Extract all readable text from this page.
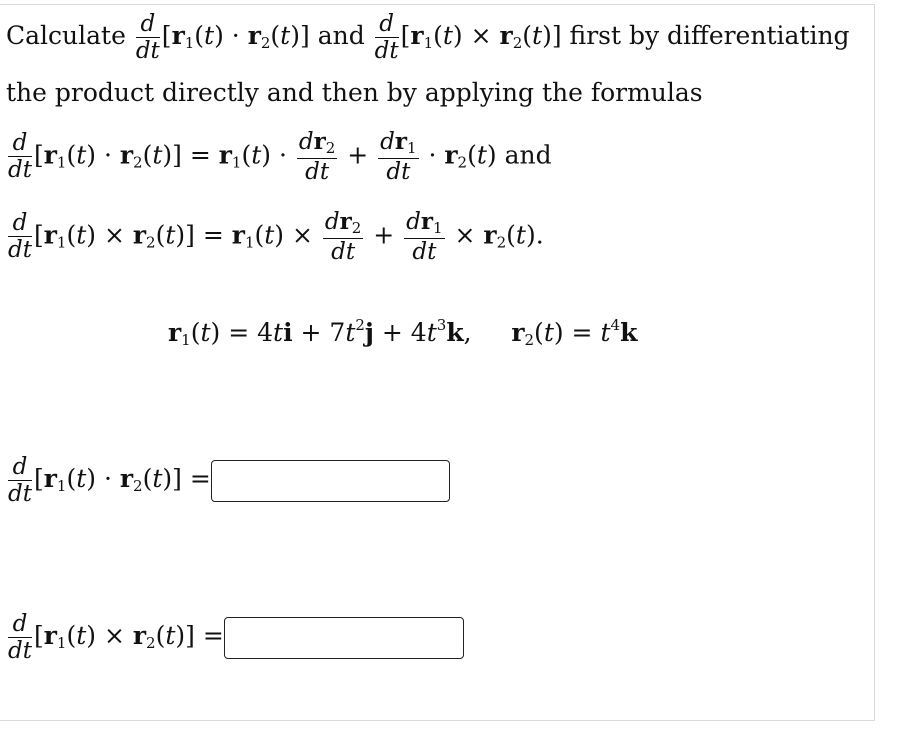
Calculate $\frac{d}{dt} [r_1(t) \cdot r_2(t)]$ and $\frac{d}{dt} [r_1(t) \times r_2(t)]$ first by differentiating
the product directly and then by applying the formulas
$\frac{d}{dt} [r_1(t) \cdot r_2(t)] = r_1(t) \cdot \frac{dr_2}{dt} + \frac{dr_1}{dt} \cdot r_2(t)$ and
$\frac{d}{dt} [r_1(t) \times r_2(t)] = r_1(t) \times \frac{dr_2}{dt} + \frac{dr_1}{dt} \times r_2(t)$.
$r_1(t) = 4ti + 7t^2j + 4t^3k$,     $r_2(t) = t^4k$
$\frac{d}{dt} [r_1(t) \cdot r_2(t)]$ =
$\frac{d}{dt} [r_1(t) \times r_2(t)]$ =
